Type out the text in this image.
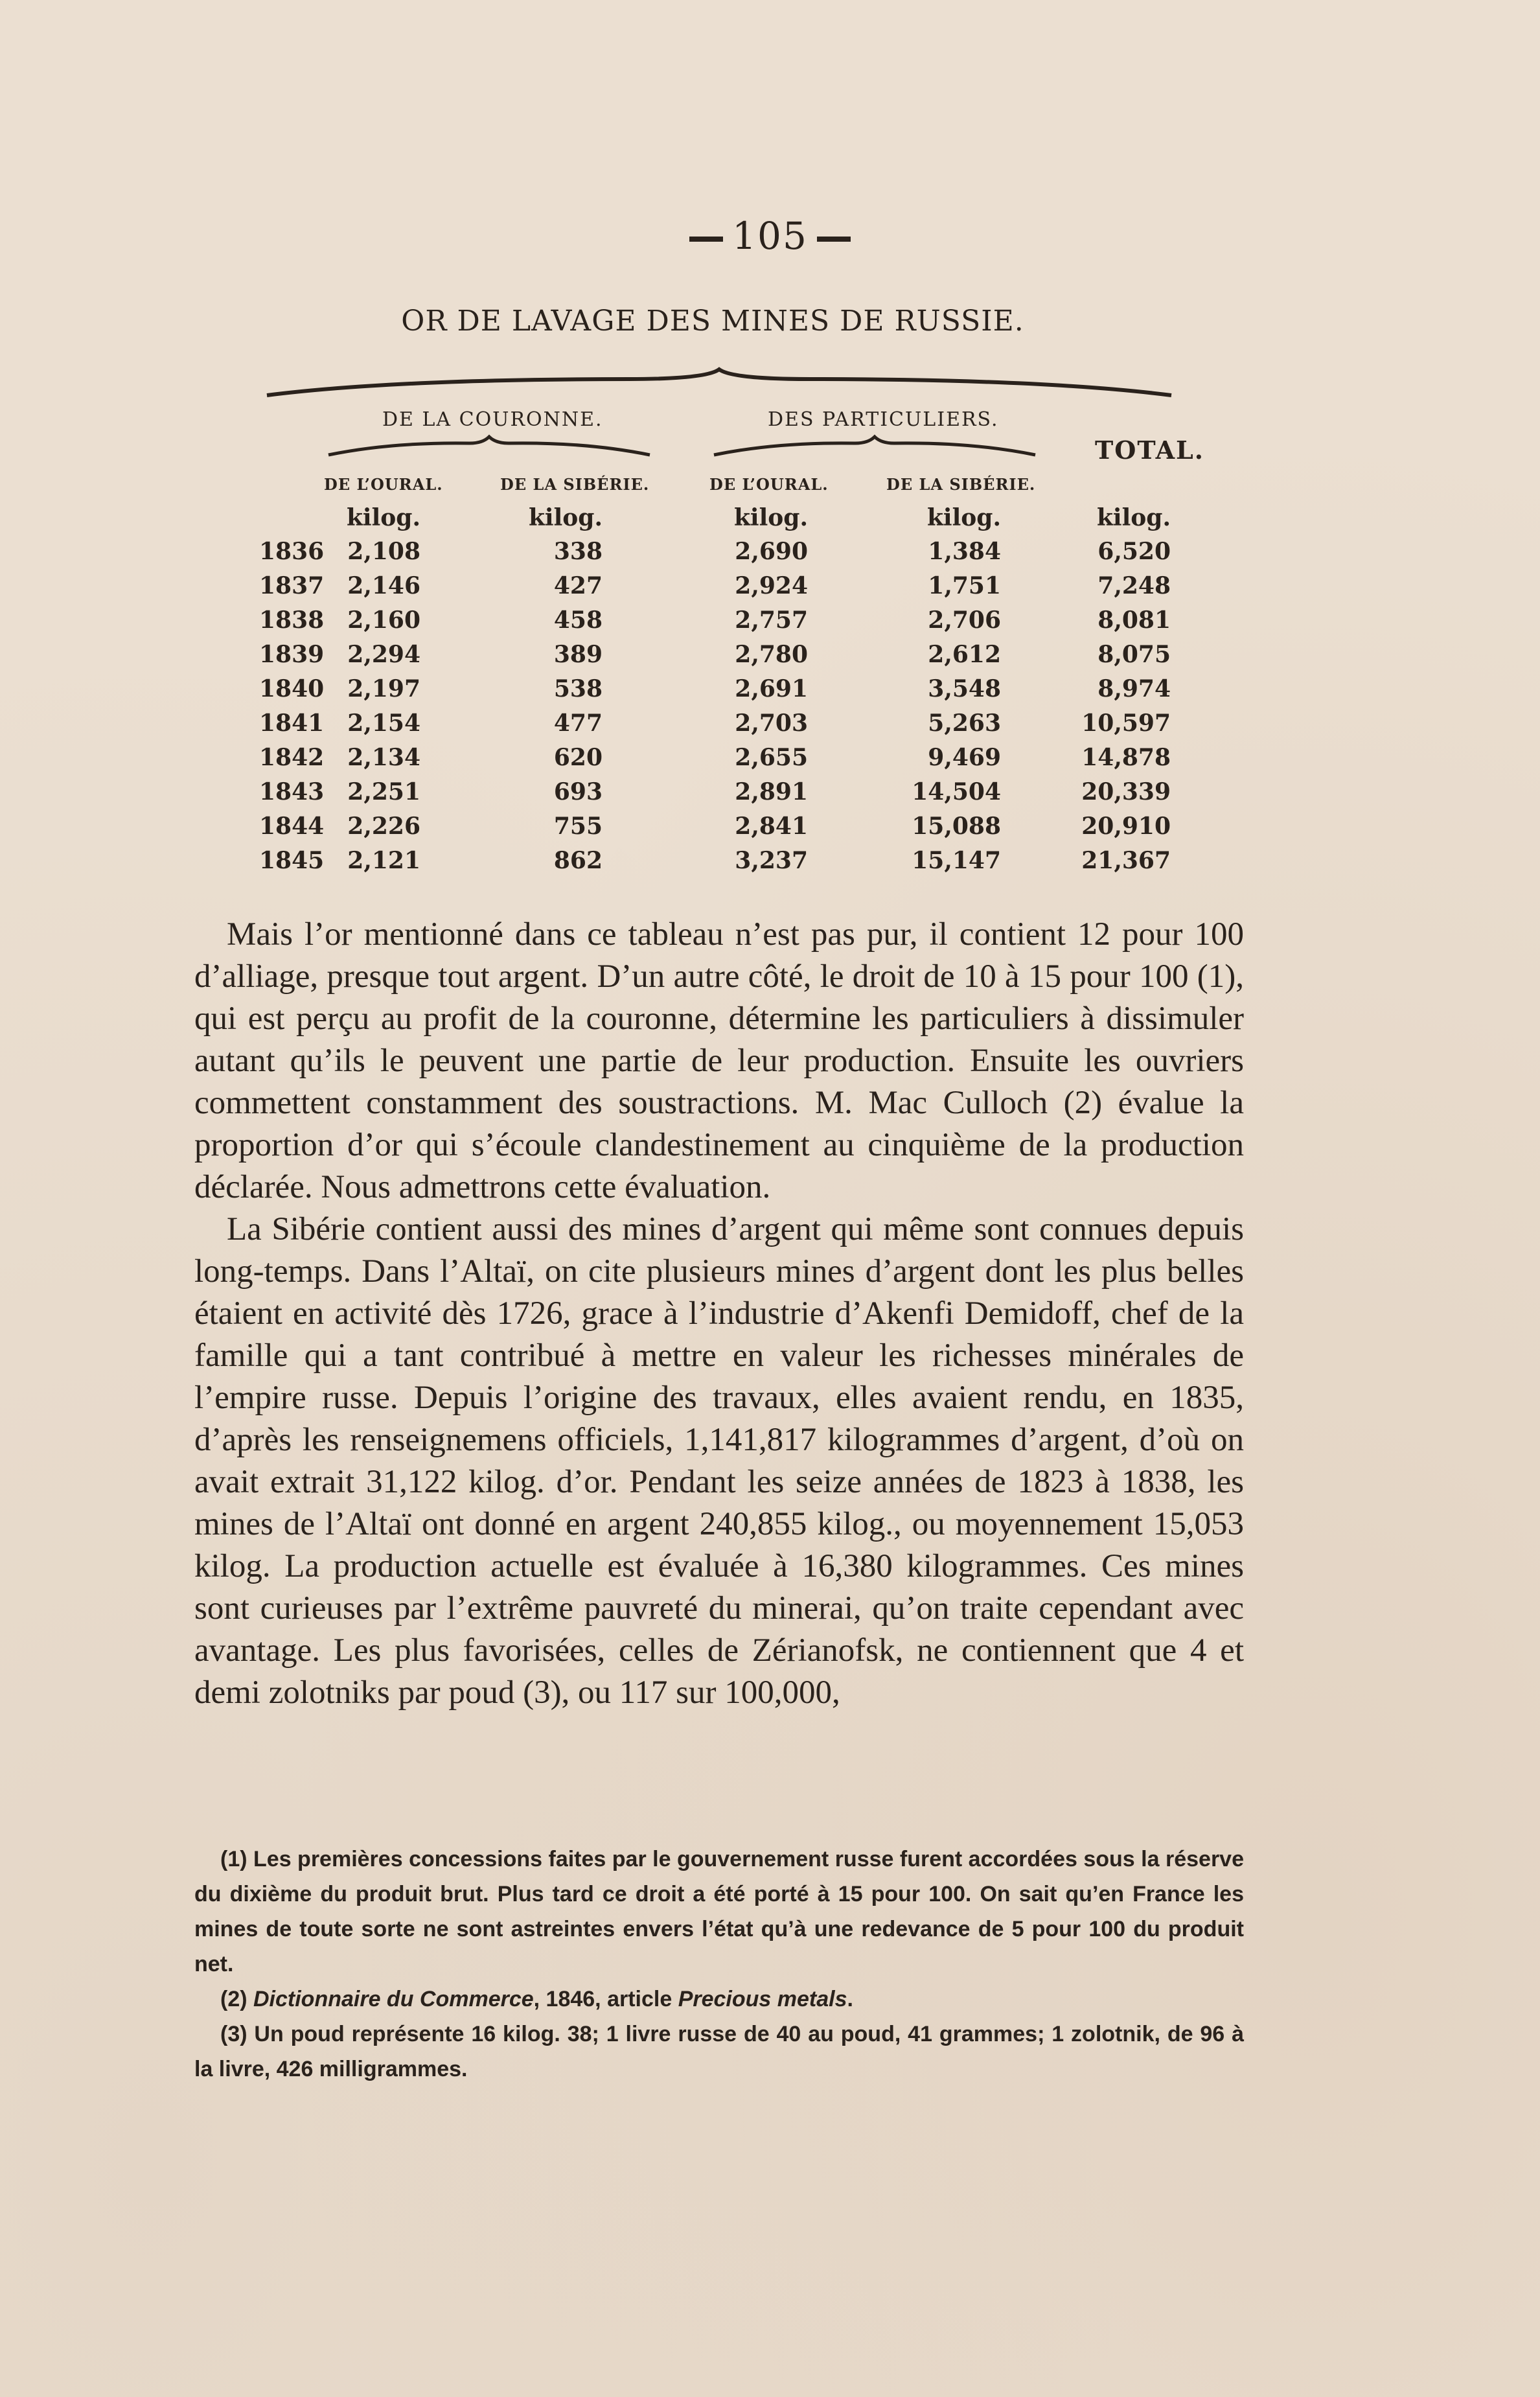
105
OR DE LAVAGE DES MINES DE RUSSIE.
DE LA COURONNE.	DES PARTICULIERS.
TOTAL.
DE L’OURAL.	DE LA SIBÉRIE.	DE L’OURAL.	DE LA SIBÉRIE.
kilog.	kilog.	kilog.	kilog.	kilog.
1836 2,108	338	2,690	1,384	6,520
1837 2,146	427	2,924	1,751	7,248
1838 2,160	458	2,757	2,706	8,081
1839 2,294	389	2,780	2,612	8,075
1840 2,197	538	2,691	3,548	8,974
1841 2,154	477	2,703	5,263	10,597
1842 2,134	620	2,655	9,469	14,878
1843 2,251	693	2,891	14,504	20,339
1844 2,226	755	2,841	15,088	20,910
1845 2,121	862	3,237	15,147	21,367

Mais l’or mentionné dans ce tableau n’est pas pur, il contient 12 pour 100 d’alliage, presque tout argent. D’un autre côté, le droit de 10 à 15 pour 100 (1), qui est perçu au profit de la couronne, détermine les particuliers à dissimuler autant qu’ils le peuvent une partie de leur production. Ensuite les ouvriers commettent constamment des soustractions. M. Mac Culloch (2) évalue la proportion d’or qui s’écoule clandestinement au cinquième de la production déclarée. Nous admettrons cette évaluation.

La Sibérie contient aussi des mines d’argent qui même sont connues depuis long-temps. Dans l’Altaï, on cite plusieurs mines d’argent dont les plus belles étaient en activité dès 1726, grace à l’industrie d’Akenfi Demidoff, chef de la famille qui a tant contribué à mettre en valeur les richesses minérales de l’empire russe. Depuis l’origine des travaux, elles avaient rendu, en 1835, d’après les renseignemens officiels, 1,141,817 kilogrammes d’argent, d’où on avait extrait 31,122 kilog. d’or. Pendant les seize années de 1823 à 1838, les mines de l’Altaï ont donné en argent 240,855 kilog., ou moyennement 15,053 kilog. La production actuelle est évaluée à 16,380 kilogrammes. Ces mines sont curieuses par l’extrême pauvreté du minerai, qu’on traite cependant avec avantage. Les plus favorisées, celles de Zérianofsk, ne contiennent que 4 et demi zolotniks par poud (3), ou 117 sur 100,000,

(1) Les premières concessions faites par le gouvernement russe furent accordées sous la réserve du dixième du produit brut. Plus tard ce droit a été porté à 15 pour 100. On sait qu’en France les mines de toute sorte ne sont astreintes envers l’état qu’à une redevance de 5 pour 100 du produit net.

(2) Dictionnaire du Commerce, 1846, article Precious metals.

(3) Un poud représente 16 kilog. 38; 1 livre russe de 40 au poud, 41 grammes; 1 zolotnik, de 96 à la livre, 426 milligrammes.
